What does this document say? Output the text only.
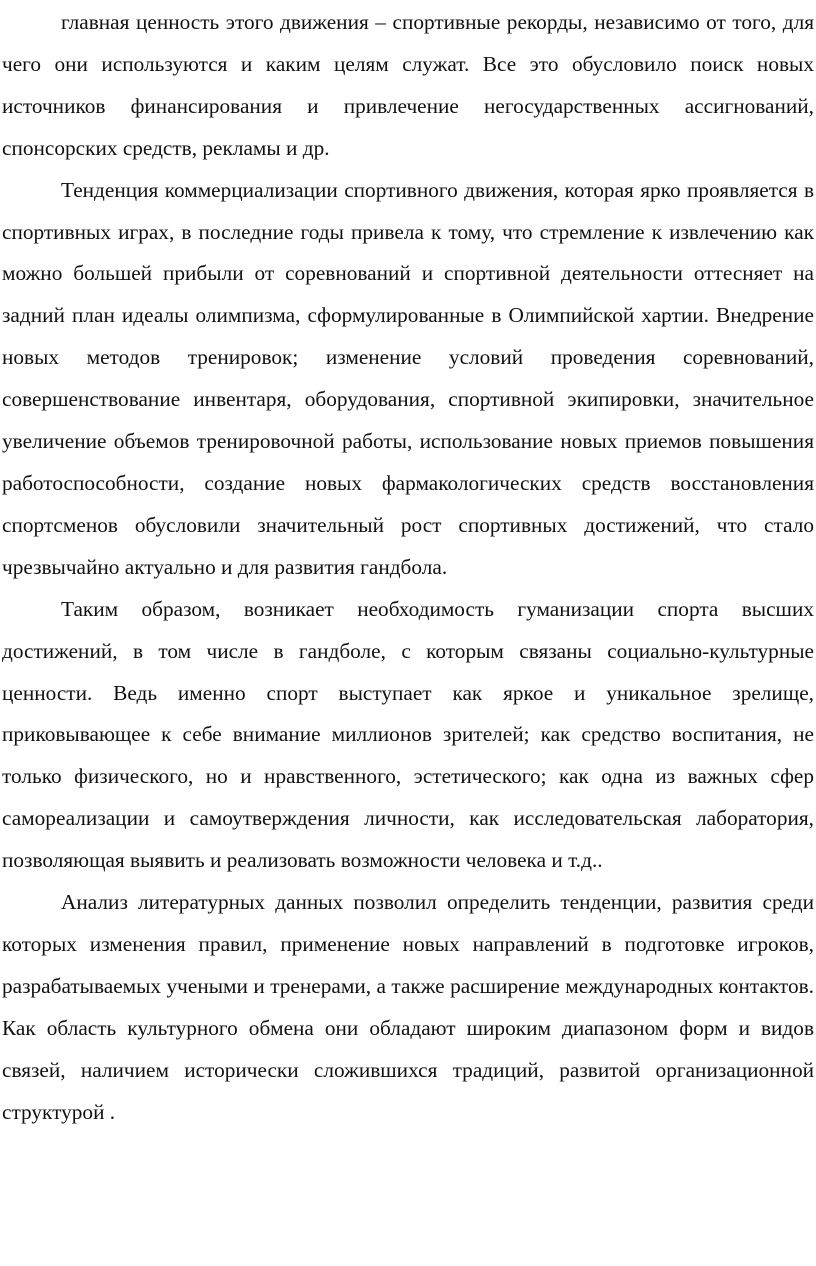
главная ценность этого движения – спортивные рекорды, независимо от того, для чего они используются и каким целям служат. Все это обусловило поиск новых источников финансирования и привлечение негосударственных ассигнований, спонсорских средств, рекламы и др.

Тенденция коммерциализации спортивного движения, которая ярко проявляется в спортивных играх, в последние годы привела к тому, что стремление к извлечению как можно большей прибыли от соревнований и спортивной деятельности оттесняет на задний план идеалы олимпизма, сформулированные в Олимпийской хартии. Внедрение новых методов тренировок; изменение условий проведения соревнований, совершенствование инвентаря, оборудования, спортивной экипировки, значительное увеличение объемов тренировочной работы, использование новых приемов повышения работоспособности, создание новых фармакологических средств восстановления спортсменов обусловили значительный рост спортивных достижений, что стало чрезвычайно актуально и для развития гандбола.

Таким образом, возникает необходимость гуманизации спорта высших достижений, в том числе в гандболе, с которым связаны социально-культурные ценности. Ведь именно спорт выступает как яркое и уникальное зрелище, приковывающее к себе внимание миллионов зрителей; как средство воспитания, не только физического, но и нравственного, эстетического; как одна из важных сфер самореализации и самоутверждения личности, как исследовательская лаборатория, позволяющая выявить и реализовать возможности человека и т.д..

Анализ литературных данных позволил определить тенденции, развития среди которых изменения правил, применение новых направлений в подготовке игроков, разрабатываемых учеными и тренерами, а также расширение международных контактов. Как область культурного обмена они обладают широким диапазоном форм и видов связей, наличием исторически сложившихся традиций, развитой организационной структурой .
